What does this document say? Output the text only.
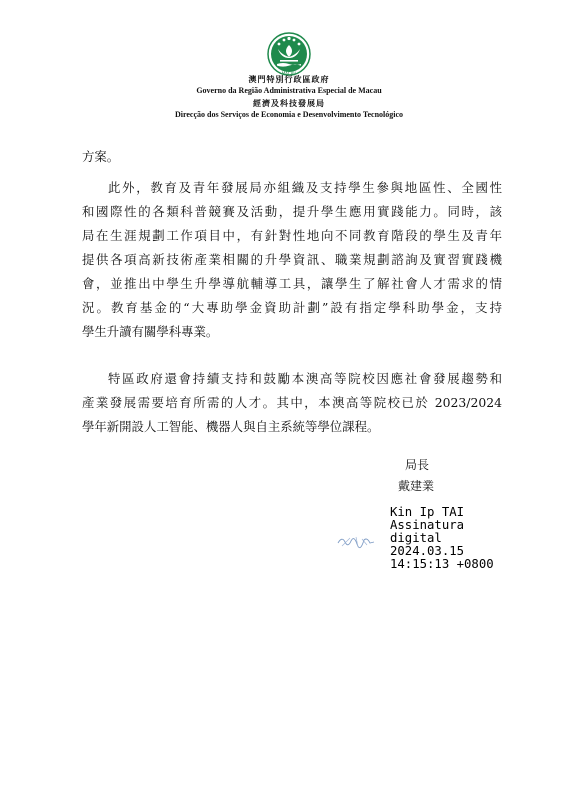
MACAU
澳門特別行政區政府
Governo da Região Administrativa Especial de Macau
經濟及科技發展局
Direcção dos Serviços de Economia e Desenvolvimento Tecnológico
方案。
此外，教育及青年發展局亦組織及支持學生參與地區性、全國性
和國際性的各類科普競賽及活動，提升學生應用實踐能力。同時，該
局在生涯規劃工作項目中，有針對性地向不同教育階段的學生及青年
提供各項高新技術產業相關的升學資訊、職業規劃諮詢及實習實踐機
會，並推出中學生升學導航輔導工具，讓學生了解社會人才需求的情
況。教育基金的“大專助學金資助計劃”設有指定學科助學金，支持
學生升讀有關學科專業。
特區政府還會持續支持和鼓勵本澳高等院校因應社會發展趨勢和
產業發展需要培育所需的人才。其中，本澳高等院校已於 2023/2024
學年新開設人工智能、機器人與自主系統等學位課程。
局長
戴建業
Kin Ip TAI
Assinatura
digital
2024.03.15
14:15:13 +0800
